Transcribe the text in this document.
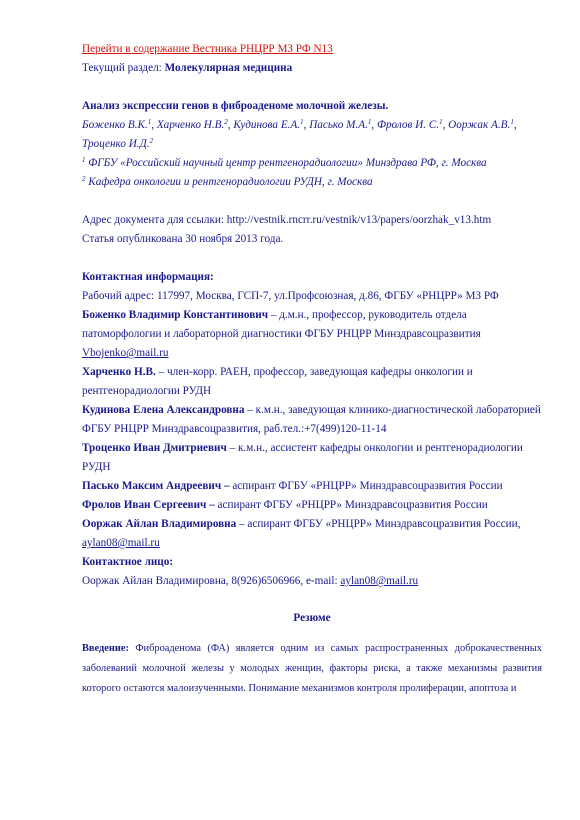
Перейти в содержание Вестника РНЦРР МЗ РФ N13

Текущий раздел: Молекулярная медицина

Анализ экспрессии генов в фиброаденоме молочной железы.

Боженко В.К.$^1$, Харченко Н.В.$^2$, Кудинова Е.А.$^1$, Пасько М.А.$^1$, Фролов И. С.$^1$, Ооржак А.В.$^1$, Троценко И.Д.$^2$

$^1$ ФГБУ «Российский научный центр рентгенорадиологии» Минздрава РФ, г. Москва

$^2$ Кафедра онкологии и рентгенорадиологии РУДН, г. Москва

Адрес документа для ссылки: http://vestnik.rncrr.ru/vestnik/v13/papers/oorzhak_v13.htm

Статья опубликована 30 ноября 2013 года.

Контактная информация:

Рабочий адрес: 117997, Москва, ГСП-7, ул.Профсоюзная, д.86, ФГБУ «РНЦРР» МЗ РФ

Боженко Владимир Константинович – д.м.н., профессор, руководитель отдела патоморфологии и лабораторной диагностики ФГБУ РНЦРР Минздравсоцразвития Vbojenko@mail.ru

Харченко Н.В. – член-корр. РАЕН, профессор, заведующая кафедры онкологии и рентгенорадиологии РУДН

Кудинова Елена Александровна – к.м.н., заведующая клинико-диагностической лабораторией ФГБУ РНЦРР Минздравсоцразвития, раб.тел.:+7(499)120-11-14

Троценко Иван Дмитриевич – к.м.н., ассистент кафедры онкологии и рентгенорадиологии РУДН

Пасько Максим Андреевич – аспирант ФГБУ «РНЦРР» Минздравсоцразвития России

Фролов Иван Сергеевич – аспирант ФГБУ «РНЦРР» Минздравсоцразвития России

Ооржак Айлан Владимировна – аспирант ФГБУ «РНЦРР» Минздравсоцразвития России, aylan08@mail.ru

Контактное лицо:

Ооржак Айлан Владимировна, 8(926)6506966, e-mail: aylan08@mail.ru

Резюме

Введение: Фиброаденома (ФА) является одним из самых распространенных доброкачественных заболеваний молочной железы у молодых женщин, факторы риска, а также механизмы развития которого остаются малоизученными. Понимание механизмов контроля пролиферации, апоптоза и
